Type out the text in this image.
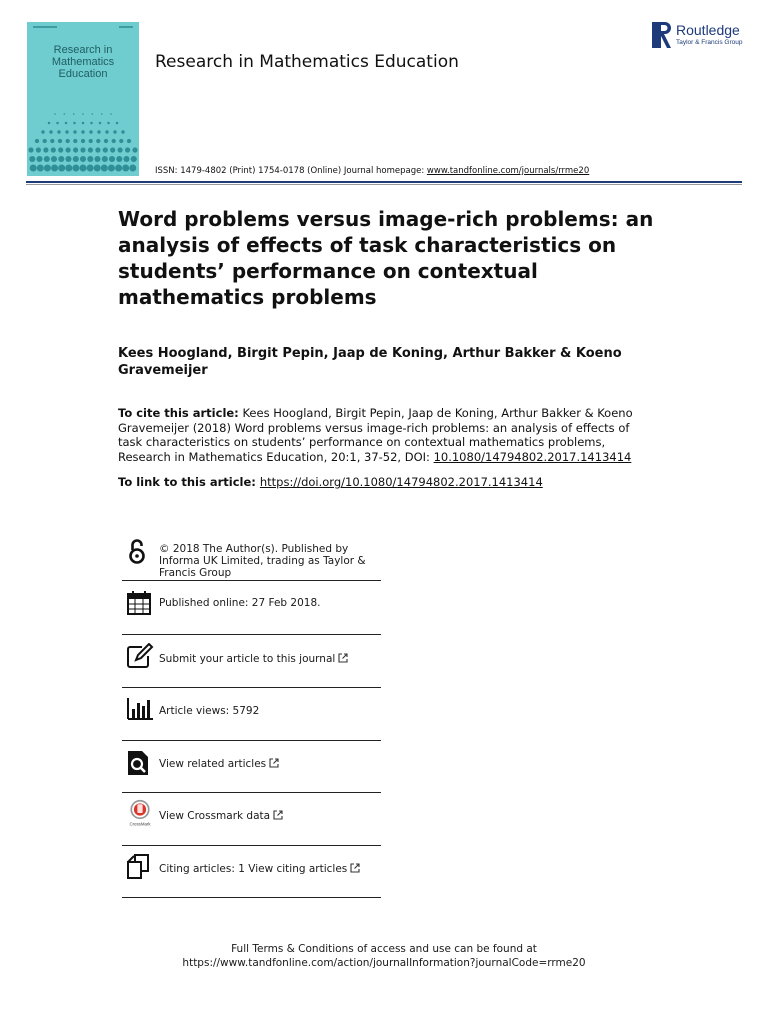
Research in
Mathematics
Education
Research in Mathematics Education
Routledge
Taylor & Francis Group
ISSN: 1479-4802 (Print) 1754-0178 (Online) Journal homepage: www.tandfonline.com/journals/rrme20
Word problems versus image-rich problems: an analysis of effects of task characteristics on students’ performance on contextual mathematics problems
Kees Hoogland, Birgit Pepin, Jaap de Koning, Arthur Bakker & Koeno Gravemeijer
To cite this article: Kees Hoogland, Birgit Pepin, Jaap de Koning, Arthur Bakker & Koeno Gravemeijer (2018) Word problems versus image-rich problems: an analysis of effects of task characteristics on students’ performance on contextual mathematics problems, Research in Mathematics Education, 20:1, 37-52, DOI: 10.1080/14794802.2017.1413414
To link to this article: https://doi.org/10.1080/14794802.2017.1413414
© 2018 The Author(s). Published by Informa UK Limited, trading as Taylor & Francis Group
Published online: 27 Feb 2018.
Submit your article to this journal
Article views: 5792
View related articles
CrossMark
View Crossmark data
Citing articles: 1 View citing articles
Full Terms & Conditions of access and use can be found at
https://www.tandfonline.com/action/journalInformation?journalCode=rrme20
